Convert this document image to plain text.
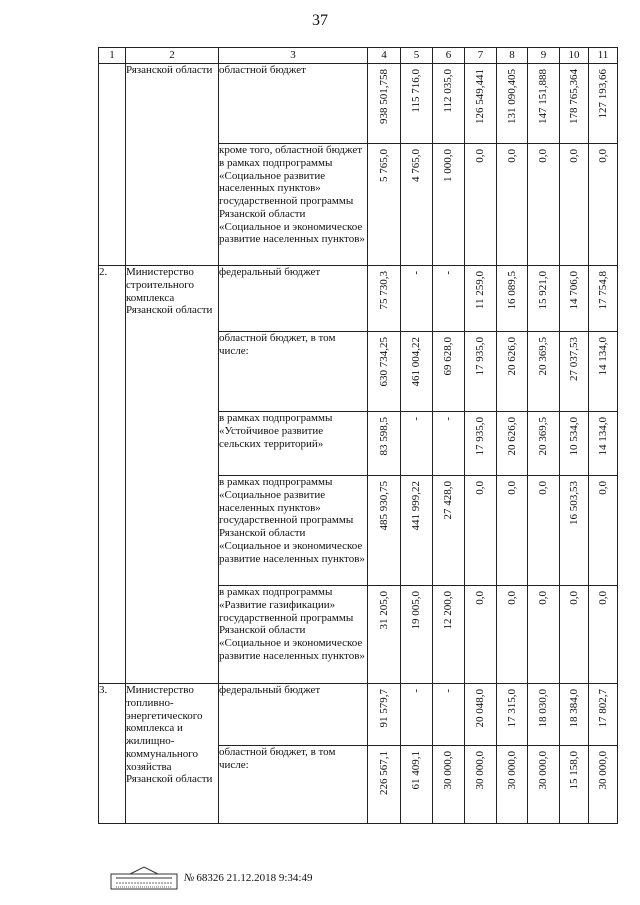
37
1	2	3	4	5	6	7	8	9	10	11
	Рязанской области	областной бюджет	938 501,758	115 716,0	112 035,0	126 549,441	131 090,405	147 151,888	178 765,364	127 193,66

		кроме того, областной бюджет в рамках подпрограммы «Социальное развитие населенных пунктов» государственной программы Рязанской области «Социальное и экономическое развитие населенных пунктов»	5 765,0	4 765,0	1 000,0	0,0	0,0	0,0	0,0	0,0

2.	Министерство строительного комплекса Рязанской области	федеральный бюджет	75 730,3	-	-	11 259,0	16 089,5	15 921,0	14 706,0	17 754,8

		областной бюджет, в том числе:	630 734,25	461 004,22	69 628,0	17 935,0	20 626,0	20 369,5	27 037,53	14 134,0

		в рамках подпрограммы «Устойчивое развитие сельских территорий»	83 598,5	-	-	17 935,0	20 626,0	20 369,5	10 534,0	14 134,0

		в рамках подпрограммы «Социальное развитие населенных пунктов» государственной программы Рязанской области «Социальное и экономическое развитие населенных пунктов»	485 930,75	441 999,22	27 428,0	0,0	0,0	0,0	16 503,53	0,0

		в рамках подпрограммы «Развитие газификации» государственной программы Рязанской области «Социальное и экономическое развитие населенных пунктов»	31 205,0	19 005,0	12 200,0	0,0	0,0	0,0	0,0	0,0

3.	Министерство топливно-энергетического комплекса и жилищно-коммунального хозяйства Рязанской области	федеральный бюджет	91 579,7	-	-	20 048,0	17 315,0	18 030,0	18 384,0	17 802,7

		областной бюджет, в том числе:	226 567,1	61 409,1	30 000,0	30 000,0	30 000,0	30 000,0	15 158,0	30 000,0
№ 68326 21.12.2018 9:34:49
